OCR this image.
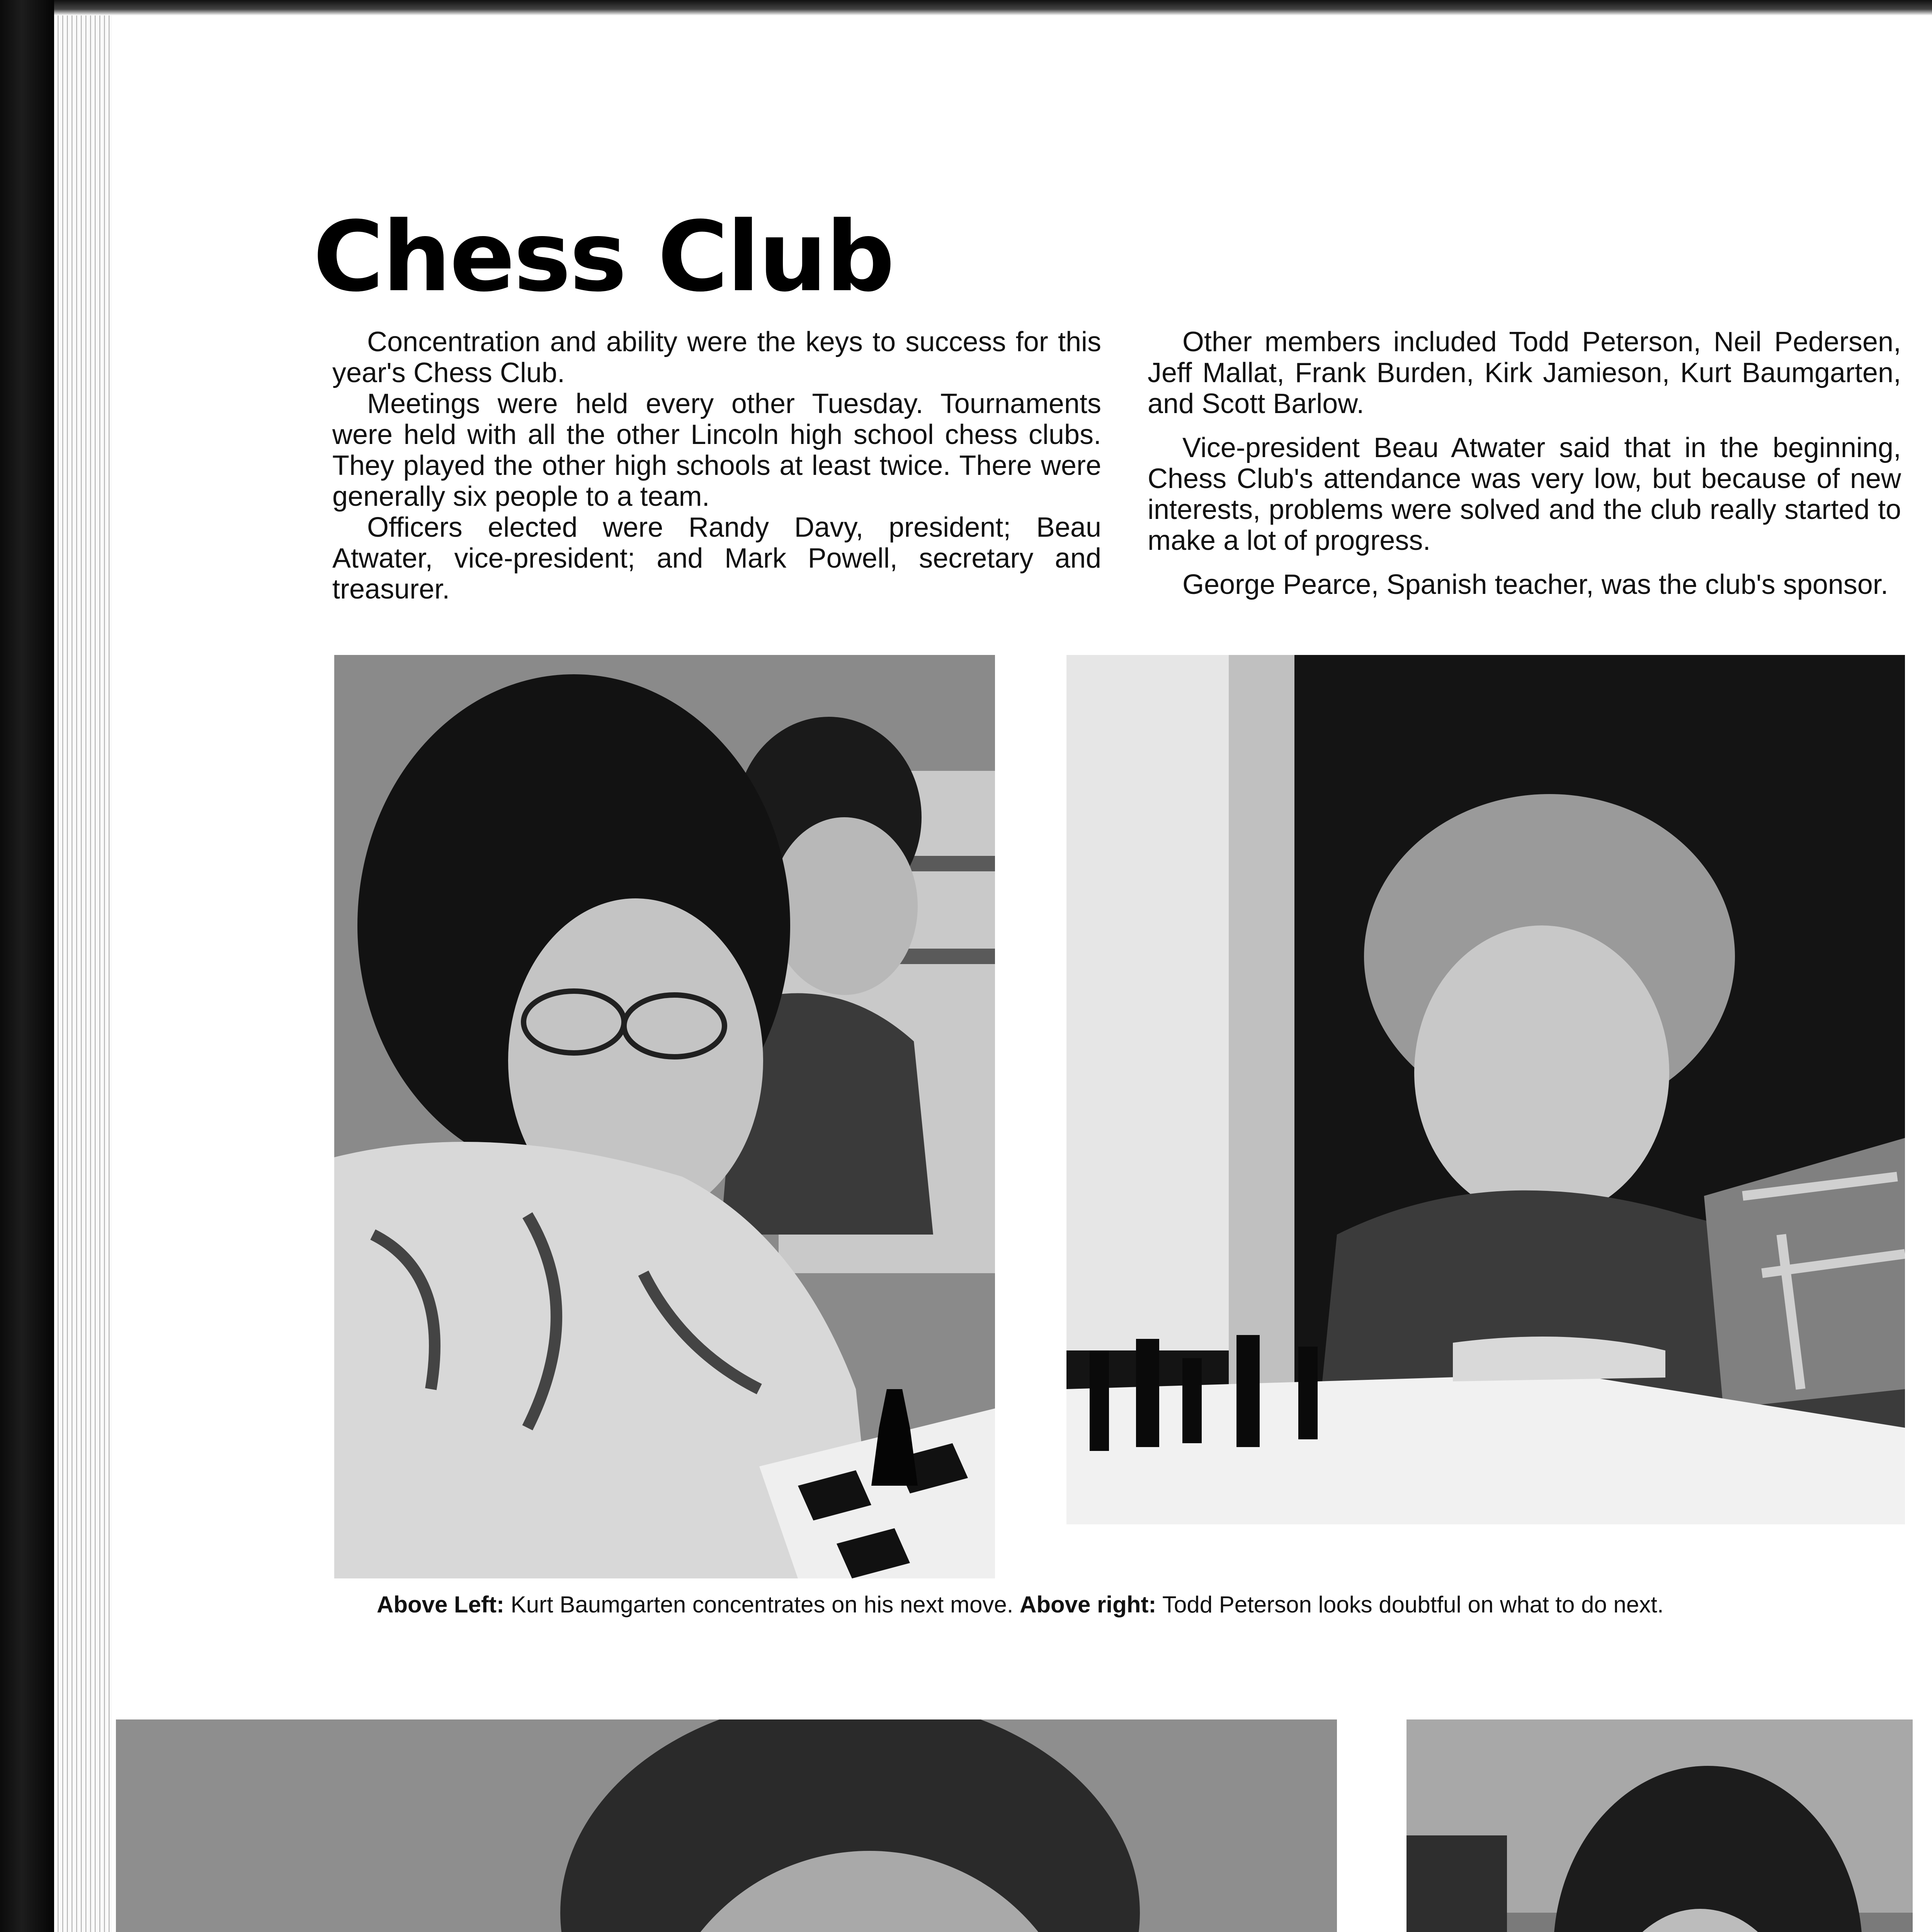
Chess Club

Concentration and ability were the keys to success for this year's Chess Club.

Meetings were held every other Tuesday. Tournaments were held with all the other Lincoln high school chess clubs. They played the other high schools at least twice. There were generally six people to a team.

Officers elected were Randy Davy, president; Beau Atwater, vice-president; and Mark Powell, secretary and treasurer.

Other members included Todd Peterson, Neil Pedersen, Jeff Mallat, Frank Burden, Kirk Jamieson, Kurt Baumgarten, and Scott Barlow.

Vice-president Beau Atwater said that in the beginning, Chess Club's attendance was very low, but because of new interests, problems were solved and the club really started to make a lot of progress.

George Pearce, Spanish teacher, was the club's sponsor.

Above Left: Kurt Baumgarten concentrates on his next move. Above right: Todd Peterson looks doubtful on what to do next.
